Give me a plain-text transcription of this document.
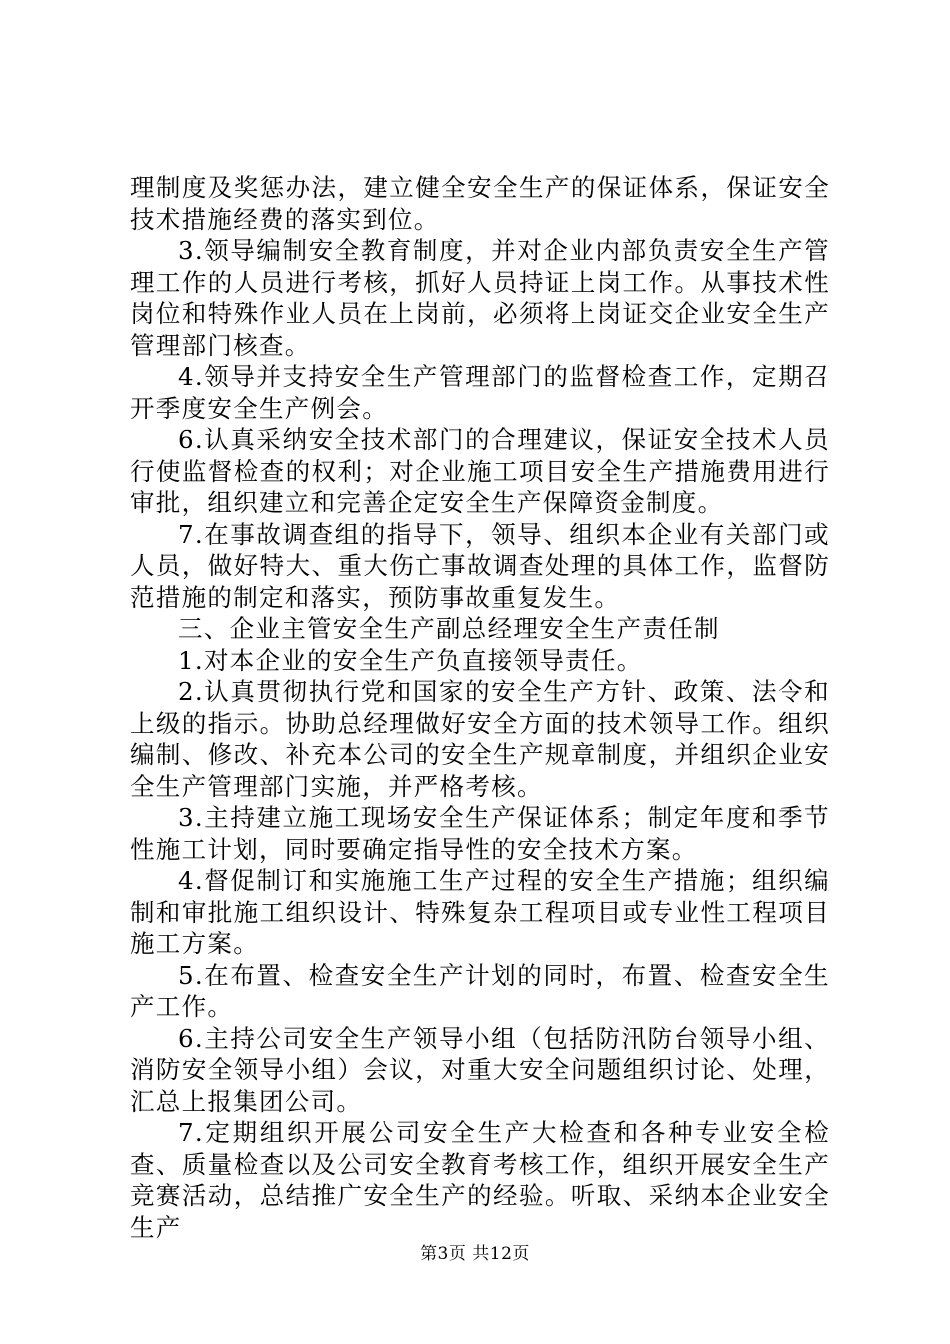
理制度及奖惩办法，建立健全安全生产的保证体系，保证安全技术措施经费的落实到位。

3.领导编制安全教育制度，并对企业内部负责安全生产管理工作的人员进行考核，抓好人员持证上岗工作。从事技术性岗位和特殊作业人员在上岗前，必须将上岗证交企业安全生产管理部门核查。

4.领导并支持安全生产管理部门的监督检查工作，定期召开季度安全生产例会。

6.认真采纳安全技术部门的合理建议，保证安全技术人员行使监督检查的权利；对企业施工项目安全生产措施费用进行审批，组织建立和完善企定安全生产保障资金制度。

7.在事故调查组的指导下，领导、组织本企业有关部门或人员，做好特大、重大伤亡事故调查处理的具体工作，监督防范措施的制定和落实，预防事故重复发生。

三、企业主管安全生产副总经理安全生产责任制

1.对本企业的安全生产负直接领导责任。

2.认真贯彻执行党和国家的安全生产方针、政策、法令和上级的指示。协助总经理做好安全方面的技术领导工作。组织编制、修改、补充本公司的安全生产规章制度，并组织企业安全生产管理部门实施，并严格考核。

3.主持建立施工现场安全生产保证体系；制定年度和季节性施工计划，同时要确定指导性的安全技术方案。

4.督促制订和实施施工生产过程的安全生产措施；组织编制和审批施工组织设计、特殊复杂工程项目或专业性工程项目施工方案。

5.在布置、检查安全生产计划的同时，布置、检查安全生产工作。

6.主持公司安全生产领导小组（包括防汛防台领导小组、消防安全领导小组）会议，对重大安全问题组织讨论、处理，汇总上报集团公司。

7.定期组织开展公司安全生产大检查和各种专业安全检查、质量检查以及公司安全教育考核工作，组织开展安全生产竞赛活动，总结推广安全生产的经验。听取、采纳本企业安全生产

第3页 共12页
